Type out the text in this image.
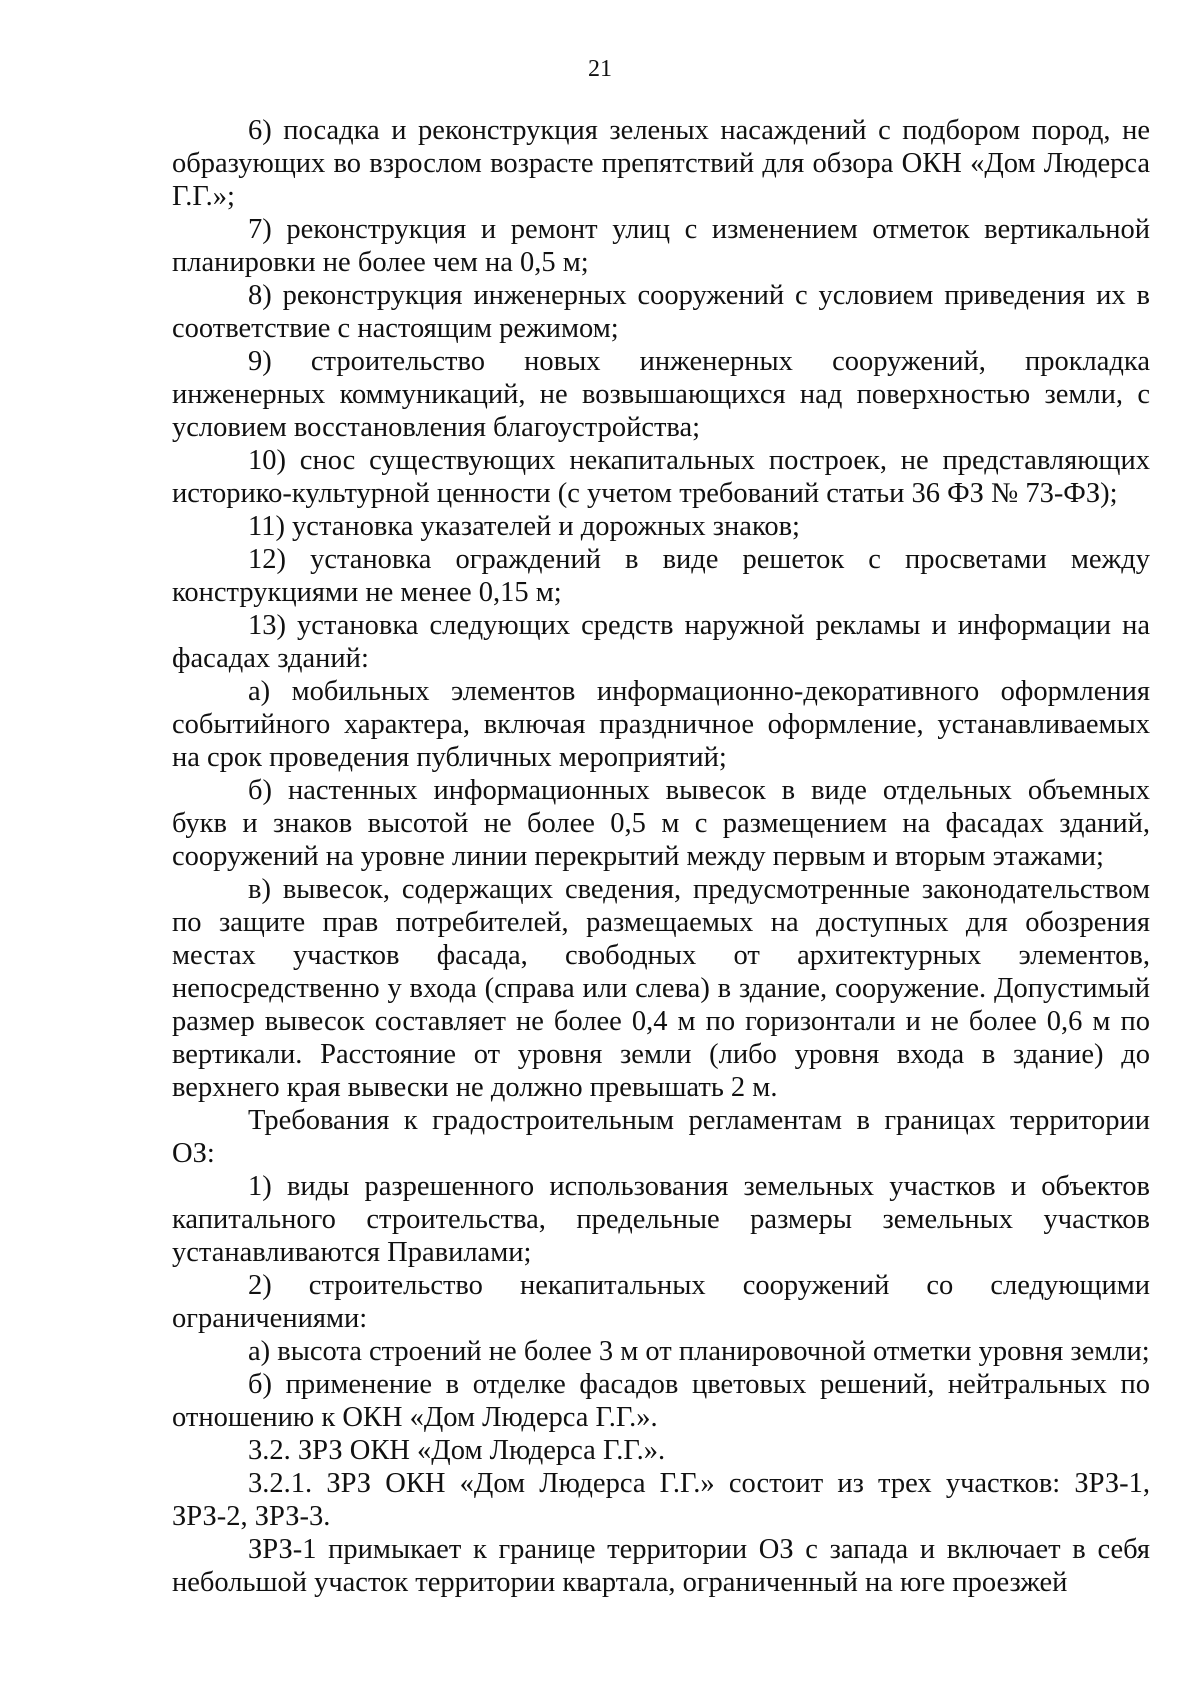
21

6) посадка и реконструкция зеленых насаждений с подбором пород, не образующих во взрослом возрасте препятствий для обзора ОКН «Дом Людерса Г.Г.»;

7) реконструкция и ремонт улиц с изменением отметок вертикальной планировки не более чем на 0,5 м;

8) реконструкция инженерных сооружений с условием приведения их в соответствие с настоящим режимом;

9) строительство новых инженерных сооружений, прокладка инженерных коммуникаций, не возвышающихся над поверхностью земли, с условием восстановления благоустройства;

10) снос существующих некапитальных построек, не представляющих историко-культурной ценности (с учетом требований статьи 36 ФЗ № 73-ФЗ);

11) установка указателей и дорожных знаков;

12) установка ограждений в виде решеток с просветами между конструкциями не менее 0,15 м;

13) установка следующих средств наружной рекламы и информации на фасадах зданий:

а) мобильных элементов информационно-декоративного оформления событийного характера, включая праздничное оформление, устанавливаемых на срок проведения публичных мероприятий;

б) настенных информационных вывесок в виде отдельных объемных букв и знаков высотой не более 0,5 м с размещением на фасадах зданий, сооружений на уровне линии перекрытий между первым и вторым этажами;

в) вывесок, содержащих сведения, предусмотренные законодательством по защите прав потребителей, размещаемых на доступных для обозрения местах участков фасада, свободных от архитектурных элементов, непосредственно у входа (справа или слева) в здание, сооружение. Допустимый размер вывесок составляет не более 0,4 м по горизонтали и не более 0,6 м по вертикали. Расстояние от уровня земли (либо уровня входа в здание) до верхнего края вывески не должно превышать 2 м.

Требования к градостроительным регламентам в границах территории ОЗ:

1) виды разрешенного использования земельных участков и объектов капитального строительства, предельные размеры земельных участков устанавливаются Правилами;

2) строительство некапитальных сооружений со следующими ограничениями:

а) высота строений не более 3 м от планировочной отметки уровня земли;

б) применение в отделке фасадов цветовых решений, нейтральных по отношению к ОКН «Дом Людерса Г.Г.».

3.2. ЗРЗ ОКН «Дом Людерса Г.Г.».

3.2.1. ЗРЗ ОКН «Дом Людерса Г.Г.» состоит из трех участков: ЗРЗ-1, ЗРЗ-2, ЗРЗ-3.

ЗРЗ-1 примыкает к границе территории ОЗ с запада и включает в себя небольшой участок территории квартала, ограниченный на юге проезжей
